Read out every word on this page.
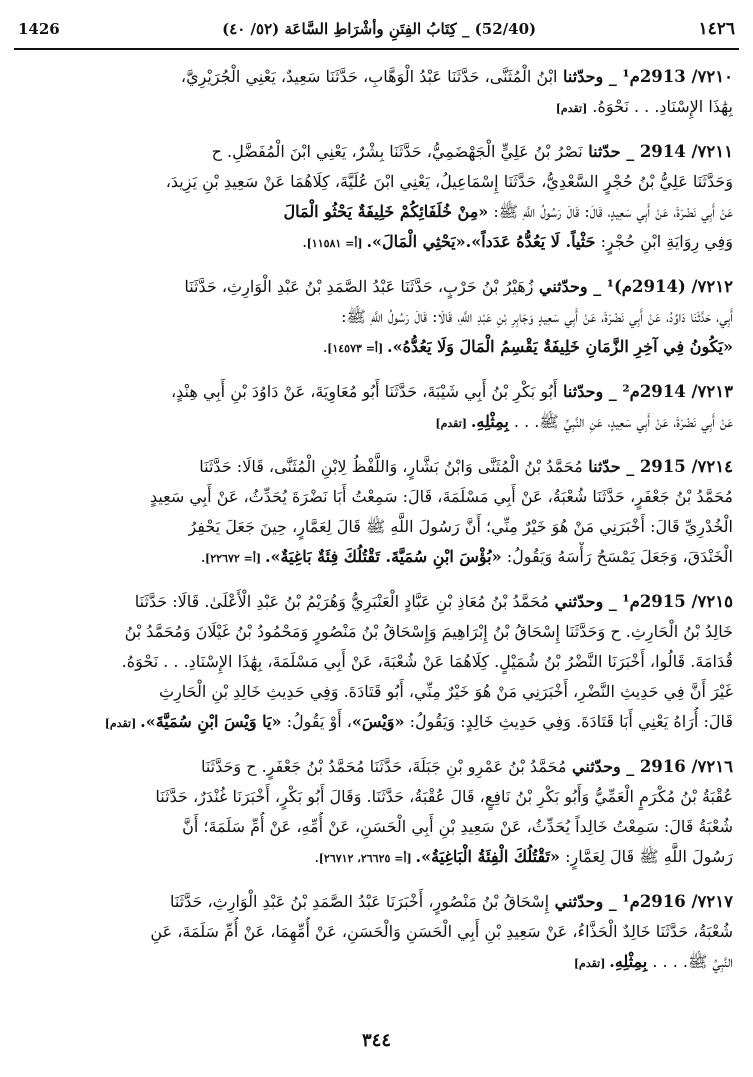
1426	(52/40) _ كِتَابُ الفِتَنِ وأشْرَاطِ السَّاعَة (٥٢/ ٤٠)	١٤٢٦
٧٢١٠/ 2913م¹ _ وحدّثنا ابْنُ الْمُثَنَّى، حَدَّثَنَا عَبْدُ الْوَهَّابِ، حَدَّثَنَا سَعِيدٌ، يَعْنِي الْجُرَيْرِيَّ،
بِهَٰذَا الإِسْنَادِ. . . نَحْوَهُ. [تقدم]
٧٢١١/ 2914 _ حدّثنا نَصْرُ بْنُ عَلِيٍّ الْجَهْضَمِيُّ، حَدَّثَنَا بِشْرٌ، يَعْنِي ابْنَ الْمُفَضَّلِ. ح
وَحَدَّثَنَا عَلِيُّ بْنُ حُجْرٍ السَّعْدِيُّ، حَدَّثَنَا إِسْمَاعِيلُ، يَعْنِي ابْنَ عُلَيَّةَ، كِلَاهُمَا عَنْ سَعِيدِ بْنِ يَزِيدَ،
عَنْ أَبِي نَضْرَةَ، عَنْ أَبِي سَعِيدٍ، قَالَ: قَالَ رَسُولُ اللَّهِ ﷺ: «مِنْ خُلَفَائِكُمْ خَلِيفَةٌ يَحْثُو الْمَالَ
وَفِي رِوَايَةِ ابْنِ حُجْرٍ: حَثْياً. لَا يَعُدُّهُ عَدَداً».«يَحْثِي الْمَالَ». [أ= ١١٥٨١].
٧٢١٢/ (2914م)¹ _ وحدّثني زُهَيْرُ بْنُ حَرْبٍ، حَدَّثَنَا عَبْدُ الصَّمَدِ بْنُ عَبْدِ الْوَارِثِ، حَدَّثَنَا
أَبِي، حَدَّثَنَا دَاوُدُ، عَنْ أَبِي نَضْرَةَ، عَنْ أَبِي سَعِيدٍ وَجَابِرِ بْنِ عَبْدِ اللَّهِ، قَالَا: قَالَ رَسُولُ اللَّهِ ﷺ:
«يَكُونُ فِي آخِرِ الزَّمَانِ خَلِيفَةٌ يَقْسِمُ الْمَالَ وَلَا يَعُدُّهُ». [أ= ١٤٥٧٣].
٧٢١٣/ 2914م² _ وحدّثنا أَبُو بَكْرِ بْنُ أَبِي شَيْبَةَ، حَدَّثَنَا أَبُو مُعَاوِيَةَ، عَنْ دَاوُدَ بْنِ أَبِي هِنْدٍ،
عَنْ أَبِي نَضْرَةَ، عَنْ أَبِي سَعِيدٍ، عَنِ النَّبِيِّ ﷺ. . . بِمِثْلِهِ. [تقدم]
٧٢١٤/ 2915 _ حدّثنا مُحَمَّدُ بْنُ الْمُثَنَّى وَابْنُ بَشَّارٍ، وَاللَّفْظُ لِابْنِ الْمُثَنَّى، قَالَا: حَدَّثَنَا
مُحَمَّدُ بْنُ جَعْفَرٍ، حَدَّثَنَا شُعْبَةُ، عَنْ أَبِي مَسْلَمَةَ، قَالَ: سَمِعْتُ أَبَا نَضْرَةَ يُحَدِّثُ، عَنْ أَبِي سَعِيدٍ
الْخُدْرِيِّ قَالَ: أَخْبَرَنِي مَنْ هُوَ خَيْرٌ مِنِّي؛ أَنَّ رَسُولَ اللَّهِ ﷺ قَالَ لِعَمَّارٍ، حِينَ جَعَلَ يَحْفِرُ
الْخَنْدَقَ، وَجَعَلَ يَمْسَحُ رَأْسَهُ وَيَقُولُ: «بُؤْسَ ابْنِ سُمَيَّةَ. تَقْتُلُكَ فِئَةٌ بَاغِيَةٌ». [أ= ٢٢٦٧٢].
٧٢١٥/ 2915م¹ _ وحدّثني مُحَمَّدُ بْنُ مُعَاذِ بْنِ عَبَّادٍ الْعَنْبَرِيُّ وَهُرَيْمُ بْنُ عَبْدِ الْأَعْلَىٰ. قَالَا: حَدَّثَنَا
خَالِدُ بْنُ الْحَارِثِ. ح وَحَدَّثَنَا إِسْحَاقُ بْنُ إِبْرَاهِيمَ وَإِسْحَاقُ بْنُ مَنْصُورٍ وَمَحْمُودُ بْنُ غَيْلَانَ وَمُحَمَّدُ بْنُ
قُدَامَةَ. قَالُوا، أَخْبَرَنَا النَّضْرُ بْنُ شُمَيْلٍ. كِلَاهُمَا عَنْ شُعْبَةَ، عَنْ أَبِي مَسْلَمَةَ، بِهَٰذَا الإِسْنَادِ. . . نَحْوَهُ.
غَيْرَ أَنَّ فِي حَدِيثِ النَّضْرِ، أَخْبَرَنِي مَنْ هُوَ خَيْرٌ مِنِّي، أَبُو قَتَادَةَ. وَفِي حَدِيثِ خَالِدِ بْنِ الْحَارِثِ
قَالَ: أُرَاهُ يَعْنِي أَبَا قَتَادَةَ. وَفِي حَدِيثِ خَالِدٍ: وَيَقُولُ: «وَيْسَ»، أَوْ يَقُولُ: «يَا وَيْسَ ابْنِ سُمَيَّةَ». [تقدم]
٧٢١٦/ 2916 _ وحدّثني مُحَمَّدُ بْنُ عَمْرِو بْنِ جَبَلَةَ، حَدَّثَنَا مُحَمَّدُ بْنُ جَعْفَرٍ. ح وَحَدَّثَنَا
عُقْبَةُ بْنُ مُكْرَمٍ الْعَمِّيُّ وَأَبُو بَكْرِ بْنُ نَافِعٍ، قَالَ عُقْبَةُ، حَدَّثَنَا. وَقَالَ أَبُو بَكْرٍ، أَخْبَرَنَا غُنْدَرٌ، حَدَّثَنَا
شُعْبَةُ قَالَ: سَمِعْتُ خَالِداً يُحَدِّثُ، عَنْ سَعِيدِ بْنِ أَبِي الْحَسَنِ، عَنْ أُمِّهِ، عَنْ أُمِّ سَلَمَةَ؛ أَنَّ
رَسُولَ اللَّهِ ﷺ قَالَ لِعَمَّارٍ: «تَقْتُلُكَ الْفِئَةُ الْبَاغِيَةُ». [أ= ٢٦٦٢٥، ٢٦٧١٢].
٧٢١٧/ 2916م¹ _ وحدّثني إِسْحَاقُ بْنُ مَنْصُورٍ، أَخْبَرَنَا عَبْدُ الصَّمَدِ بْنُ عَبْدِ الْوَارِثِ، حَدَّثَنَا
شُعْبَةُ، حَدَّثَنَا خَالِدٌ الْحَذَّاءُ، عَنْ سَعِيدِ بْنِ أَبِي الْحَسَنِ وَالْحَسَنِ، عَنْ أُمِّهِمَا، عَنْ أُمِّ سَلَمَةَ، عَنِ
النَّبِيِّ ﷺ. . . . بِمِثْلِهِ. [تقدم]
٣٤٤
